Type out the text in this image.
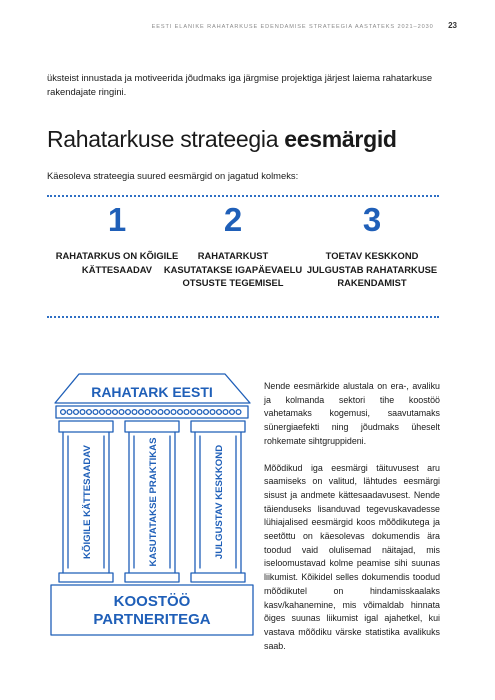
EESTI ELANIKE RAHATARKUSE EDENDAMISE STRATEEGIA AASTATEKS 2021–2030 23
üksteist innustada ja motiveerida jõudmaks iga järgmise projektiga järjest laiema rahatarkuse rakendajate ringini.
Rahatarkuse strateegia eesmärgid
Käesoleva strateegia suured eesmärgid on jagatud kolmeks:
1
RAHATARKUS ON KÕIGILE KÄTTESAADAV
2
RAHATARKUST KASUTATAKSE IGAPÄEVAELU OTSUSTE TEGEMISEL
3
TOETAV KESKKOND JULGUSTAB RAHATARKUSE RAKENDAMIST
RAHATARK EESTI
KÕIGILE KÄTTESAADAV	KASUTATAKSE PRAKTIKAS	JULGUSTAV KESKKOND
KOOSTÖÖ
PARTNERITEGA

Nende eesmärkide alustala on era-, avaliku ja kolmanda sektori tihe koostöö vahetamaks kogemusi, saavutamaks sünergiaefekti ning jõudmaks üheselt rohkemate sihtgruppideni.

Mõõdikud iga eesmärgi täituvusest aru saamiseks on valitud, lähtudes eesmärgi sisust ja andmete kättesaadavusest. Nende täienduseks lisanduvad tegevuskavadesse lühiajalised eesmärgid koos mõõdikutega ja seetõttu on käesolevas dokumendis ära toodud vaid olulisemad näitajad, mis iseloomustavad kolme peamise sihi suunas liikumist. Kõikidel selles dokumendis toodud mõõdikutel on hindamisskaalaks kasv/kahanemine, mis võimaldab hinnata õiges suunas liikumist igal ajahetkel, kui vastava mõõdiku värske statistika avalikuks saab.
